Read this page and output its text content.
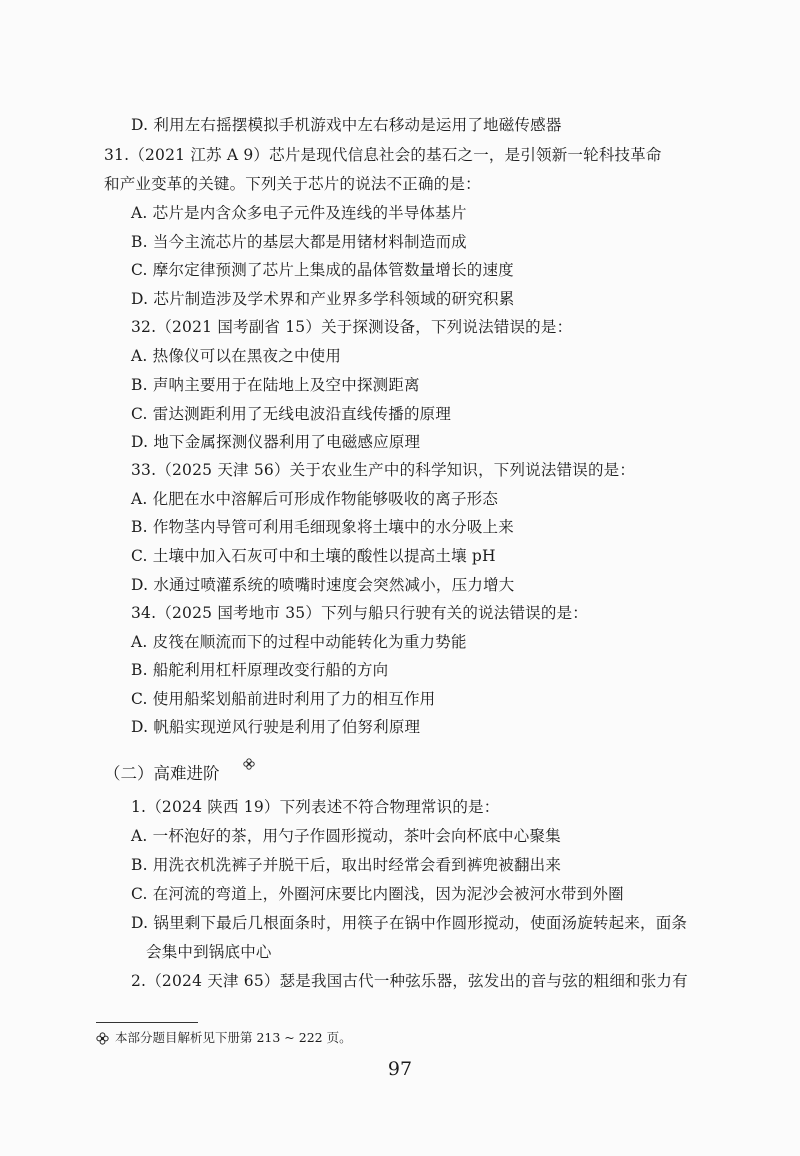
D. 利用左右摇摆模拟手机游戏中左右移动是运用了地磁传感器
31.（2021 江苏 A 9）芯片是现代信息社会的基石之一，是引领新一轮科技革命
和产业变革的关键。下列关于芯片的说法不正确的是：
A. 芯片是内含众多电子元件及连线的半导体基片
B. 当今主流芯片的基层大都是用锗材料制造而成
C. 摩尔定律预测了芯片上集成的晶体管数量增长的速度
D. 芯片制造涉及学术界和产业界多学科领域的研究积累
32.（2021 国考副省 15）关于探测设备，下列说法错误的是：
A. 热像仪可以在黑夜之中使用
B. 声呐主要用于在陆地上及空中探测距离
C. 雷达测距利用了无线电波沿直线传播的原理
D. 地下金属探测仪器利用了电磁感应原理
33.（2025 天津 56）关于农业生产中的科学知识，下列说法错误的是：
A. 化肥在水中溶解后可形成作物能够吸收的离子形态
B. 作物茎内导管可利用毛细现象将土壤中的水分吸上来
C. 土壤中加入石灰可中和土壤的酸性以提高土壤 pH
D. 水通过喷灌系统的喷嘴时速度会突然减小，压力增大
34.（2025 国考地市 35）下列与船只行驶有关的说法错误的是：
A. 皮筏在顺流而下的过程中动能转化为重力势能
B. 船舵利用杠杆原理改变行船的方向
C. 使用船桨划船前进时利用了力的相互作用
D. 帆船实现逆风行驶是利用了伯努利原理
（二）高难进阶
1.（2024 陕西 19）下列表述不符合物理常识的是：
A. 一杯泡好的茶，用勺子作圆形搅动，茶叶会向杯底中心聚集
B. 用洗衣机洗裤子并脱干后，取出时经常会看到裤兜被翻出来
C. 在河流的弯道上，外圈河床要比内圈浅，因为泥沙会被河水带到外圈
D. 锅里剩下最后几根面条时，用筷子在锅中作圆形搅动，使面汤旋转起来，面条
会集中到锅底中心
2.（2024 天津 65）瑟是我国古代一种弦乐器，弦发出的音与弦的粗细和张力有
本部分题目解析见下册第 213 ~ 222 页。
97
